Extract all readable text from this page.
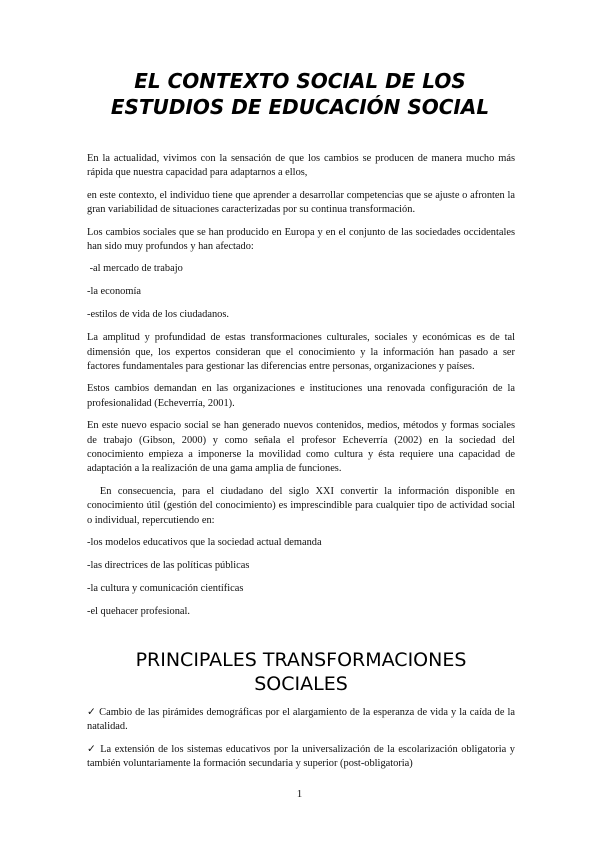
EL CONTEXTO SOCIAL DE LOS
ESTUDIOS DE EDUCACIÓN SOCIAL

En la actualidad, vivimos con la sensación de que los cambios se producen de manera mucho más rápida que nuestra capacidad para adaptarnos a ellos,

en este contexto, el individuo tiene que aprender a desarrollar competencias que se ajuste o afronten la gran variabilidad de situaciones caracterizadas por su continua transformación.

Los cambios sociales que se han producido en Europa y en el conjunto de las sociedades occidentales han sido muy profundos y han afectado:

-al mercado de trabajo

-la economía

-estilos de vida de los ciudadanos.

La amplitud y profundidad de estas transformaciones culturales, sociales y económicas es de tal dimensión que, los expertos consideran que el conocimiento y la información han pasado a ser factores fundamentales para gestionar las diferencias entre personas, organizaciones y países.

Estos cambios demandan en las organizaciones e instituciones una renovada configuración de la profesionalidad (Echeverría, 2001).

En este nuevo espacio social se han generado nuevos contenidos, medios, métodos y formas sociales de trabajo (Gibson, 2000) y como señala el profesor Echeverría (2002) en la sociedad del conocimiento empieza a imponerse la movilidad como cultura y ésta requiere una capacidad de adaptación a la realización de una gama amplia de funciones.

En consecuencia, para el ciudadano del siglo XXI convertir la información disponible en conocimiento útil (gestión del conocimiento) es imprescindible para cualquier tipo de actividad social o individual, repercutiendo en:

-los modelos educativos que la sociedad actual demanda

-las directrices de las políticas públicas

-la cultura y comunicación científicas

-el quehacer profesional.

PRINCIPALES TRANSFORMACIONES
SOCIALES

✓ Cambio de las pirámides demográficas por el alargamiento de la esperanza de vida y la caída de la natalidad.

✓ La extensión de los sistemas educativos por la universalización de la escolarización obligatoria y también voluntariamente la formación secundaria y superior (post-obligatoria)

1
